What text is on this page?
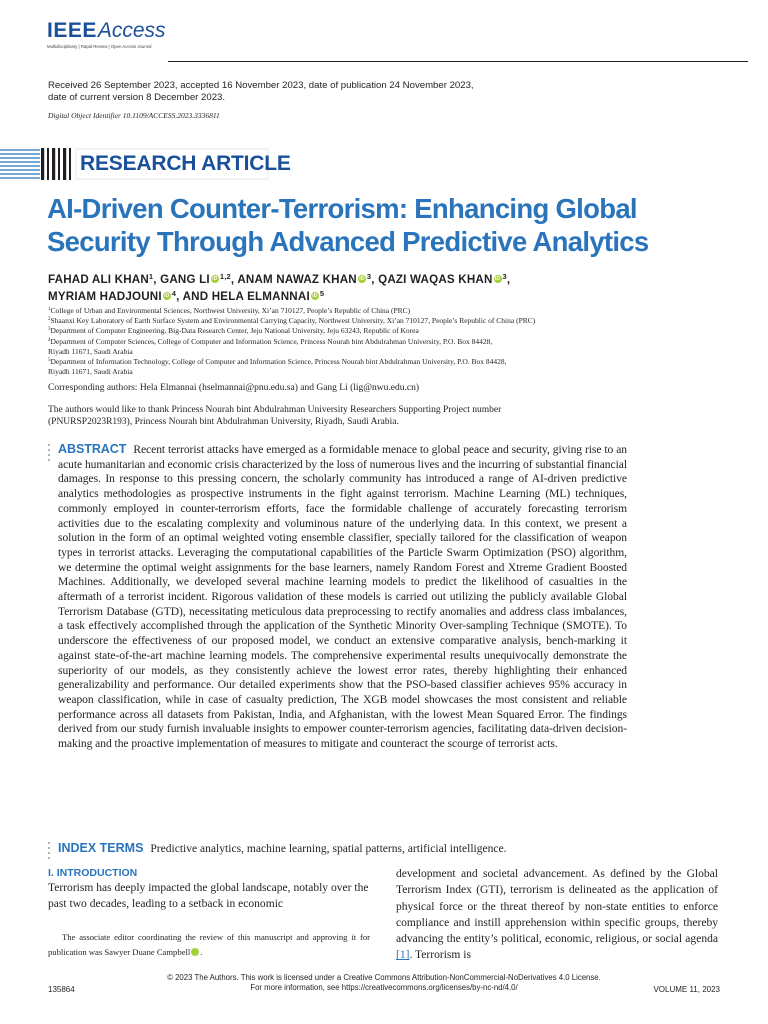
IEEEAccess
Multidisciplinary | Rapid Review | Open Access Journal
Received 26 September 2023, accepted 16 November 2023, date of publication 24 November 2023,
date of current version 8 December 2023.
Digital Object Identifier 10.1109/ACCESS.2023.3336811
RESEARCH ARTICLE
AI-Driven Counter-Terrorism: Enhancing Global
Security Through Advanced Predictive Analytics
FAHAD ALI KHAN$^1$, GANG LI iD $^{1,2}$, ANAM NAWAZ KHAN iD $^3$, QAZI WAQAS KHAN iD $^3$,
MYRIAM HADJOUNI iD $^4$, AND HELA ELMANNAI iD $^5$
$^1$College of Urban and Environmental Sciences, Northwest University, Xi’an 710127, People’s Republic of China (PRC)
$^2$Shaanxi Key Laboratory of Earth Surface System and Environmental Carrying Capacity, Northwest University, Xi’an 710127, People’s Republic of China (PRC)
$^3$Department of Computer Engineering, Big-Data Research Center, Jeju National University, Jeju 63243, Republic of Korea
$^4$Department of Computer Sciences, College of Computer and Information Science, Princess Nourah bint Abdulrahman University, P.O. Box 84428,
Riyadh 11671, Saudi Arabia
$^5$Department of Information Technology, College of Computer and Information Science, Princess Nourah bint Abdulrahman University, P.O. Box 84428,
Riyadh 11671, Saudi Arabia
Corresponding authors: Hela Elmannai (hselmannai@pnu.edu.sa) and Gang Li (lig@nwu.edu.cn)
The authors would like to thank Princess Nourah bint Abdulrahman University Researchers Supporting Project number
(PNURSP2023R193), Princess Nourah bint Abdulrahman University, Riyadh, Saudi Arabia.
ABSTRACT Recent terrorist attacks have emerged as a formidable menace to global peace and security, giving rise to an acute humanitarian and economic crisis characterized by the loss of numerous lives and the incurring of substantial financial damages. In response to this pressing concern, the scholarly community has introduced a range of AI-driven predictive analytics methodologies as prospective instruments in the fight against terrorism. Machine Learning (ML) techniques, commonly employed in counter-terrorism efforts, face the formidable challenge of accurately forecasting terrorism activities due to the escalating complexity and voluminous nature of the underlying data. In this context, we present a solution in the form of an optimal weighted voting ensemble classifier, specially tailored for the classification of weapon types in terrorist attacks. Leveraging the computational capabilities of the Particle Swarm Optimization (PSO) algorithm, we determine the optimal weight assignments for the base learners, namely Random Forest and Xtreme Gradient Boosted Machines. Additionally, we developed several machine learning models to predict the likelihood of casualties in the aftermath of a terrorist incident. Rigorous validation of these models is carried out utilizing the publicly available Global Terrorism Database (GTD), necessitating meticulous data preprocessing to rectify anomalies and address class imbalances, a task effectively accomplished through the application of the Synthetic Minority Over-sampling Technique (SMOTE). To underscore the effectiveness of our proposed model, we conduct an extensive comparative analysis, bench-marking it against state-of-the-art machine learning models. The comprehensive experimental results unequivocally demonstrate the superiority of our models, as they consistently achieve the lowest error rates, thereby highlighting their enhanced generalizability and performance. Our detailed experiments show that the PSO-based classifier achieves 95% accuracy in weapon classification, while in case of casualty prediction, The XGB model showcases the most consistent and reliable performance across all datasets from Pakistan, India, and Afghanistan, with the lowest Mean Squared Error. The findings derived from our study furnish invaluable insights to empower counter-terrorism agencies, facilitating data-driven decision-making and the proactive implementation of measures to mitigate and counteract the scourge of terrorist acts.
INDEX TERMS Predictive analytics, machine learning, spatial patterns, artificial intelligence.
I. INTRODUCTION
Terrorism has deeply impacted the global landscape, notably over the past two decades, leading to a setback in economic
The associate editor coordinating the review of this manuscript and approving it for publication was Sawyer Duane Campbell	iD.
development and societal advancement. As defined by the Global Terrorism Index (GTI), terrorism is delineated as the application of physical force or the threat thereof by non-state entities to enforce compliance and instill apprehension within specific groups, thereby advancing the entity’s political, economic, religious, or social agenda [1]. Terrorism is
© 2023 The Authors. This work is licensed under a Creative Commons Attribution-NonCommercial-NoDerivatives 4.0 License.
For more information, see https://creativecommons.org/licenses/by-nc-nd/4.0/
135864	VOLUME 11, 2023
